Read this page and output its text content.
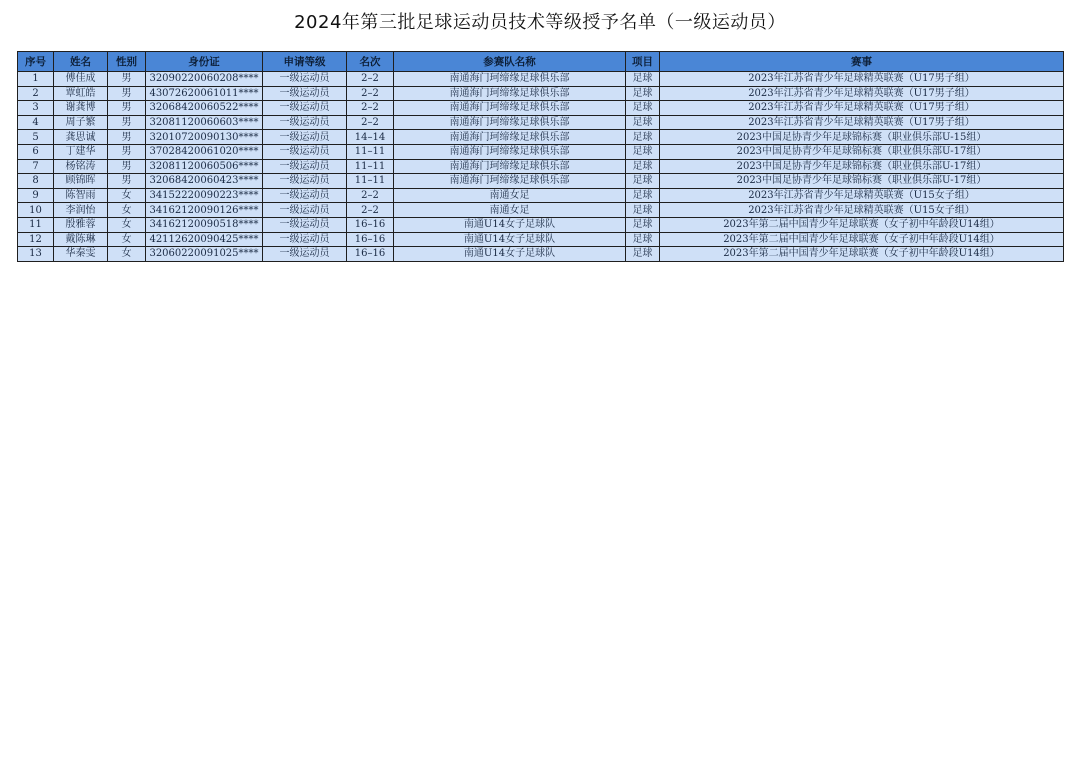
2024年第三批足球运动员技术等级授予名单（一级运动员）
序号	姓名	性别	身份证	申请等级	名次	参赛队名称	项目	赛事
1	傅佳成	男	32090220060208****	一级运动员	2–2	南通海门珂缔缘足球俱乐部	足球	2023年江苏省青少年足球精英联赛（U17男子组）
2	覃虹皓	男	43072620061011****	一级运动员	2–2	南通海门珂缔缘足球俱乐部	足球	2023年江苏省青少年足球精英联赛（U17男子组）
3	谢龚博	男	32068420060522****	一级运动员	2–2	南通海门珂缔缘足球俱乐部	足球	2023年江苏省青少年足球精英联赛（U17男子组）
4	周子繁	男	32081120060603****	一级运动员	2–2	南通海门珂缔缘足球俱乐部	足球	2023年江苏省青少年足球精英联赛（U17男子组）
5	龚思诚	男	32010720090130****	一级运动员	14–14	南通海门珂缔缘足球俱乐部	足球	2023中国足协青少年足球锦标赛（职业俱乐部U-15组）
6	丁建华	男	37028420061020****	一级运动员	11–11	南通海门珂缔缘足球俱乐部	足球	2023中国足协青少年足球锦标赛（职业俱乐部U-17组）
7	杨铭涛	男	32081120060506****	一级运动员	11–11	南通海门珂缔缘足球俱乐部	足球	2023中国足协青少年足球锦标赛（职业俱乐部U-17组）
8	顾锦晖	男	32068420060423****	一级运动员	11–11	南通海门珂缔缘足球俱乐部	足球	2023中国足协青少年足球锦标赛（职业俱乐部U-17组）
9	陈智雨	女	34152220090223****	一级运动员	2–2	南通女足	足球	2023年江苏省青少年足球精英联赛（U15女子组）
10	李润怡	女	34162120090126****	一级运动员	2–2	南通女足	足球	2023年江苏省青少年足球精英联赛（U15女子组）
11	殷雅蓉	女	34162120090518****	一级运动员	16–16	南通U14女子足球队	足球	2023年第二届中国青少年足球联赛（女子初中年龄段U14组）
12	戴陈琳	女	42112620090425****	一级运动员	16–16	南通U14女子足球队	足球	2023年第二届中国青少年足球联赛（女子初中年龄段U14组）
13	华秦雯	女	32060220091025****	一级运动员	16–16	南通U14女子足球队	足球	2023年第二届中国青少年足球联赛（女子初中年龄段U14组）
